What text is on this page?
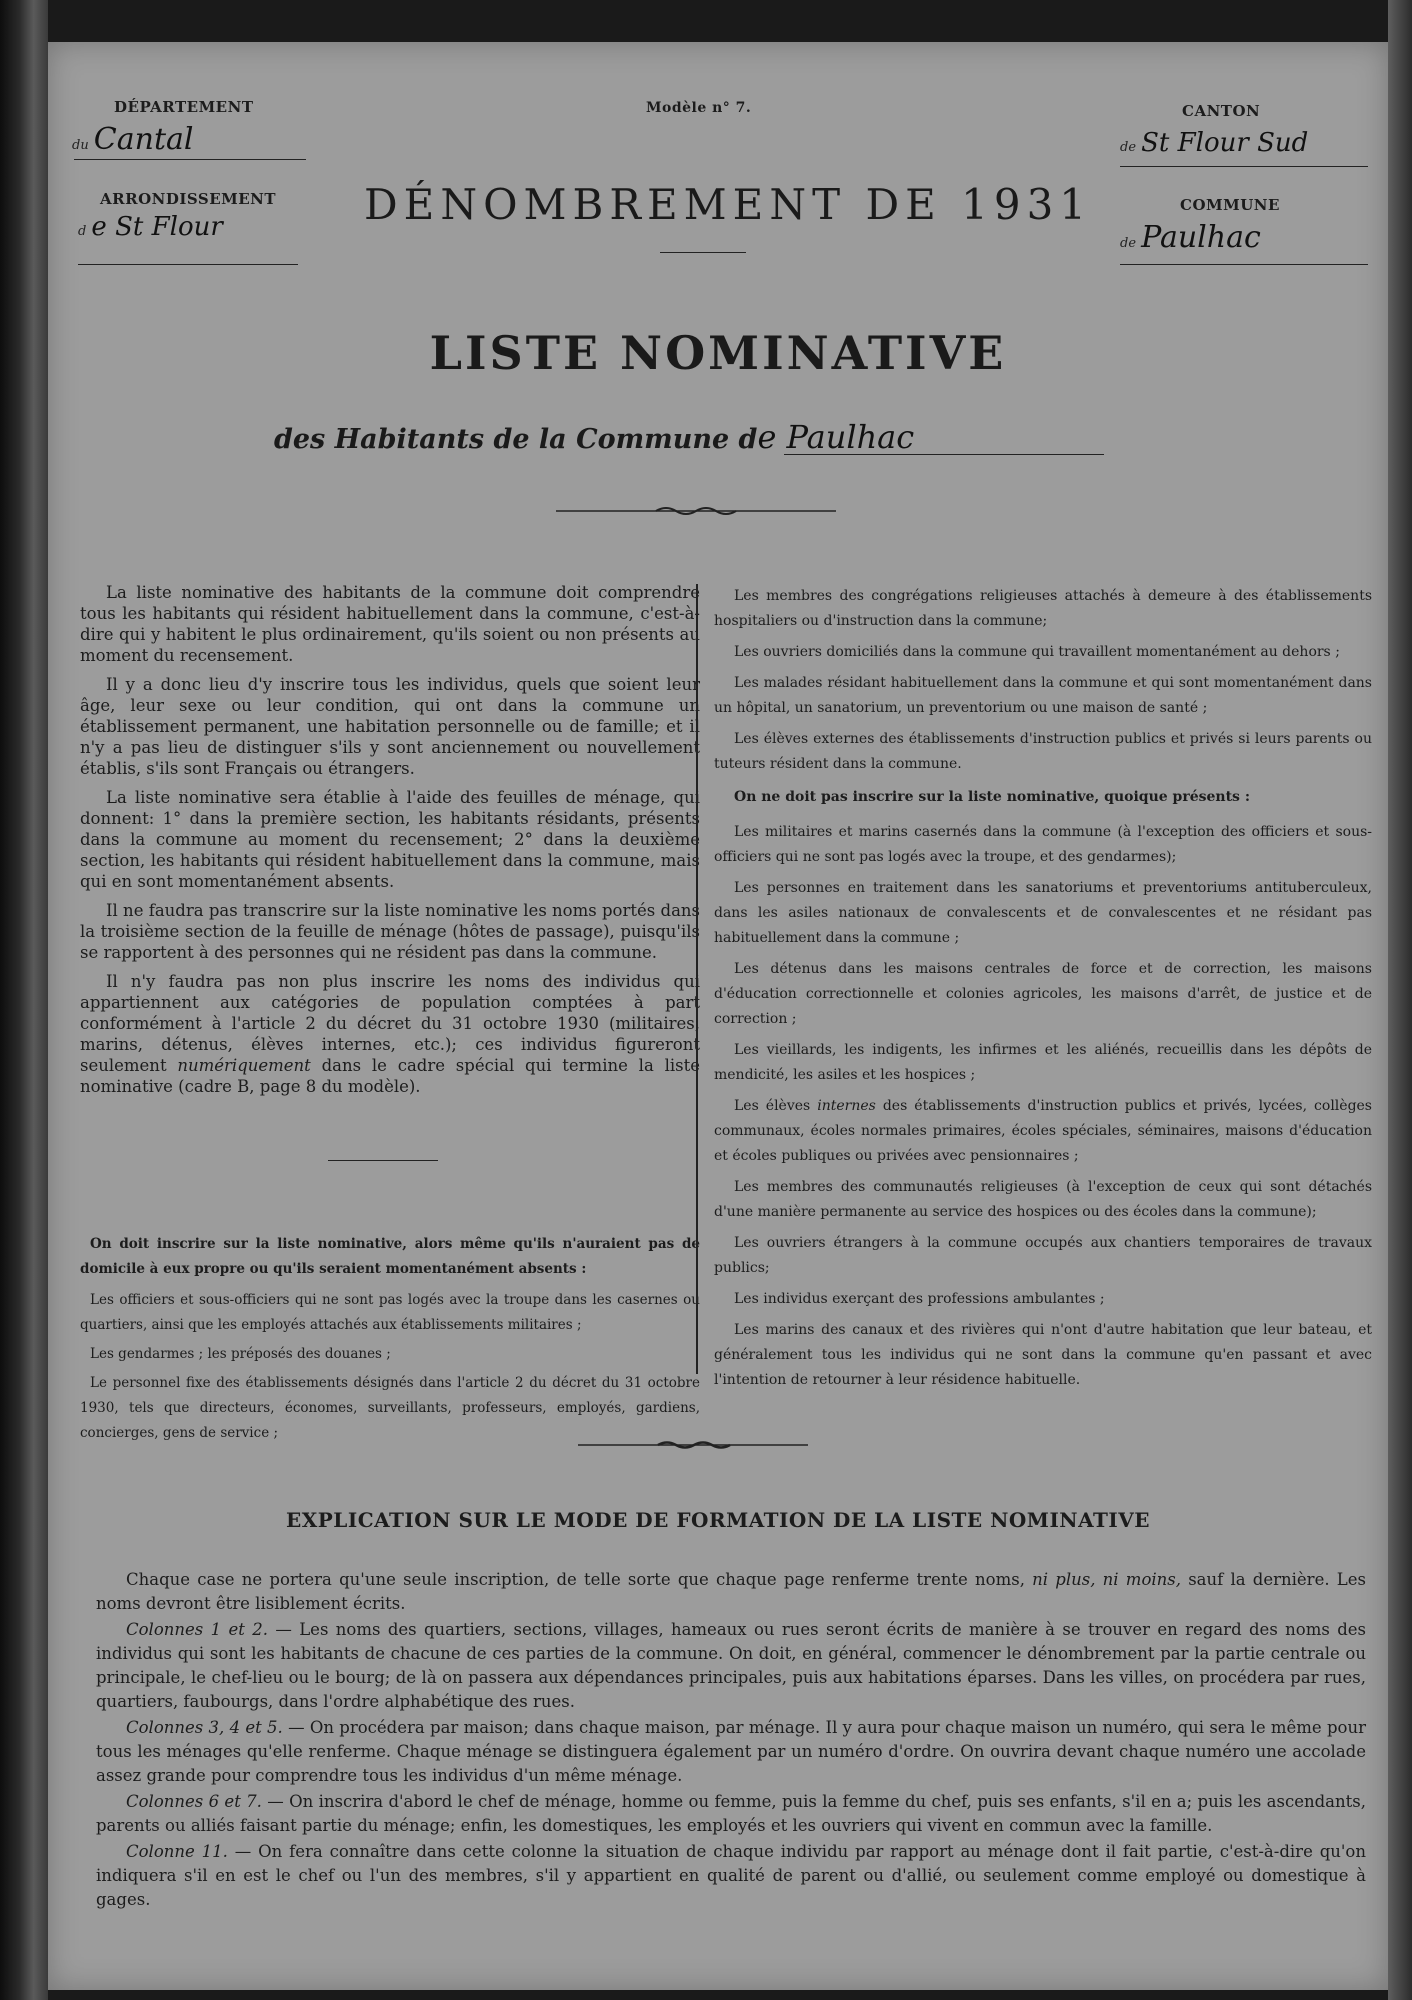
DÉPARTEMENT
du Cantal
ARRONDISSEMENT
d e St Flour
Modèle n° 7.
DÉNOMBREMENT DE 1931
CANTON
de St Flour Sud
COMMUNE
de Paulhac
LISTE NOMINATIVE
des Habitants de la Commune de Paulhac

La liste nominative des habitants de la commune doit comprendre tous les habitants qui résident habituellement dans la commune, c'est-à-dire qui y habitent le plus ordinairement, qu'ils soient ou non présents au moment du recensement.

Il y a donc lieu d'y inscrire tous les individus, quels que soient leur âge, leur sexe ou leur condition, qui ont dans la commune un établissement permanent, une habitation personnelle ou de famille; et il n'y a pas lieu de distinguer s'ils y sont anciennement ou nouvellement établis, s'ils sont Français ou étrangers.

La liste nominative sera établie à l'aide des feuilles de ménage, qui donnent: 1° dans la première section, les habitants résidants, présents dans la commune au moment du recensement; 2° dans la deuxième section, les habitants qui résident habituellement dans la commune, mais qui en sont momentanément absents.

Il ne faudra pas transcrire sur la liste nominative les noms portés dans la troisième section de la feuille de ménage (hôtes de passage), puisqu'ils se rapportent à des personnes qui ne résident pas dans la commune.

Il n'y faudra pas non plus inscrire les noms des individus qui appartiennent aux catégories de population comptées à part conformément à l'article 2 du décret du 31 octobre 1930 (militaires, marins, détenus, élèves internes, etc.); ces individus figureront seulement numériquement dans le cadre spécial qui termine la liste nominative (cadre B, page 8 du modèle).

On doit inscrire sur la liste nominative, alors même qu'ils n'auraient pas de domicile à eux propre ou qu'ils seraient momentanément absents :

Les officiers et sous-officiers qui ne sont pas logés avec la troupe dans les casernes ou quartiers, ainsi que les employés attachés aux établissements militaires ;

Les gendarmes ; les préposés des douanes ;

Le personnel fixe des établissements désignés dans l'article 2 du décret du 31 octobre 1930, tels que directeurs, économes, surveillants, professeurs, employés, gardiens, concierges, gens de service ;

Les membres des congrégations religieuses attachés à demeure à des établissements hospitaliers ou d'instruction dans la commune;

Les ouvriers domiciliés dans la commune qui travaillent momentanément au dehors ;

Les malades résidant habituellement dans la commune et qui sont momentanément dans un hôpital, un sanatorium, un preventorium ou une maison de santé ;

Les élèves externes des établissements d'instruction publics et privés si leurs parents ou tuteurs résident dans la commune.

On ne doit pas inscrire sur la liste nominative, quoique présents :

Les militaires et marins casernés dans la commune (à l'exception des officiers et sous-officiers qui ne sont pas logés avec la troupe, et des gendarmes);

Les personnes en traitement dans les sanatoriums et preventoriums antituberculeux, dans les asiles nationaux de convalescents et de convalescentes et ne résidant pas habituellement dans la commune ;

Les détenus dans les maisons centrales de force et de correction, les maisons d'éducation correctionnelle et colonies agricoles, les maisons d'arrêt, de justice et de correction ;

Les vieillards, les indigents, les infirmes et les aliénés, recueillis dans les dépôts de mendicité, les asiles et les hospices ;

Les élèves internes des établissements d'instruction publics et privés, lycées, collèges communaux, écoles normales primaires, écoles spéciales, séminaires, maisons d'éducation et écoles publiques ou privées avec pensionnaires ;

Les membres des communautés religieuses (à l'exception de ceux qui sont détachés d'une manière permanente au service des hospices ou des écoles dans la commune);

Les ouvriers étrangers à la commune occupés aux chantiers temporaires de travaux publics;

Les individus exerçant des professions ambulantes ;

Les marins des canaux et des rivières qui n'ont d'autre habitation que leur bateau, et généralement tous les individus qui ne sont dans la commune qu'en passant et avec l'intention de retourner à leur résidence habituelle.

EXPLICATION SUR LE MODE DE FORMATION DE LA LISTE NOMINATIVE

Chaque case ne portera qu'une seule inscription, de telle sorte que chaque page renferme trente noms, ni plus, ni moins, sauf la dernière. Les noms devront être lisiblement écrits.

Colonnes 1 et 2. — Les noms des quartiers, sections, villages, hameaux ou rues seront écrits de manière à se trouver en regard des noms des individus qui sont les habitants de chacune de ces parties de la commune. On doit, en général, commencer le dénombrement par la partie centrale ou principale, le chef-lieu ou le bourg; de là on passera aux dépendances principales, puis aux habitations éparses. Dans les villes, on procédera par rues, quartiers, faubourgs, dans l'ordre alphabétique des rues.

Colonnes 3, 4 et 5. — On procédera par maison; dans chaque maison, par ménage. Il y aura pour chaque maison un numéro, qui sera le même pour tous les ménages qu'elle renferme. Chaque ménage se distinguera également par un numéro d'ordre. On ouvrira devant chaque numéro une accolade assez grande pour comprendre tous les individus d'un même ménage.

Colonnes 6 et 7. — On inscrira d'abord le chef de ménage, homme ou femme, puis la femme du chef, puis ses enfants, s'il en a; puis les ascendants, parents ou alliés faisant partie du ménage; enfin, les domestiques, les employés et les ouvriers qui vivent en commun avec la famille.

Colonne 11. — On fera connaître dans cette colonne la situation de chaque individu par rapport au ménage dont il fait partie, c'est-à-dire qu'on indiquera s'il en est le chef ou l'un des membres, s'il y appartient en qualité de parent ou d'allié, ou seulement comme employé ou domestique à gages.
